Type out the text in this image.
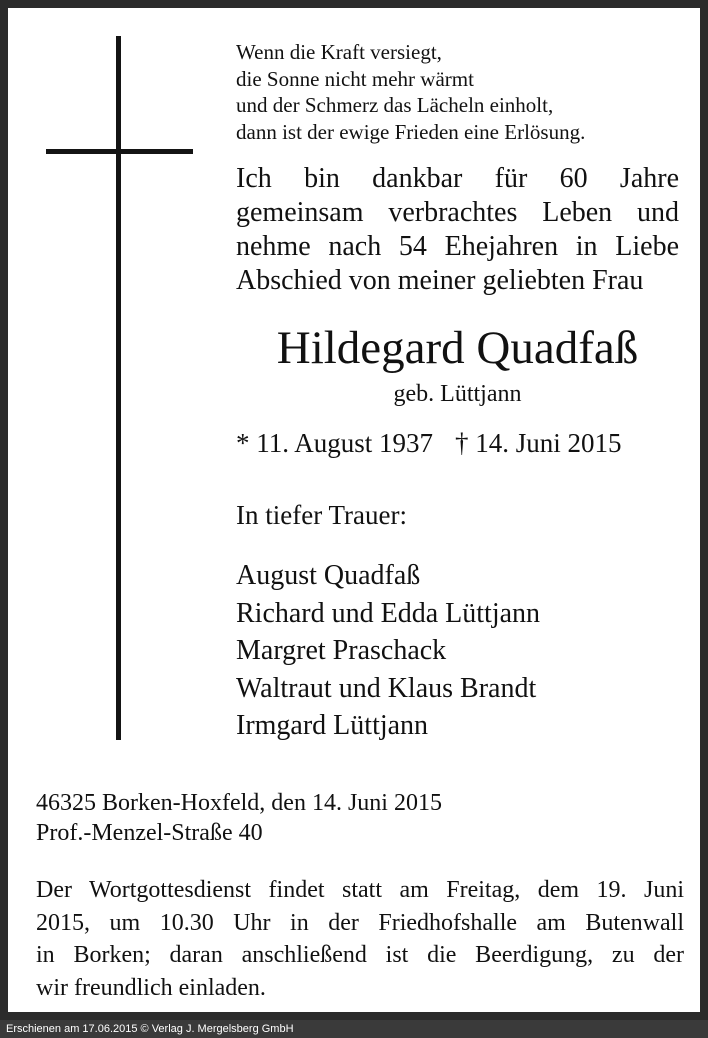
Wenn die Kraft versiegt,
die Sonne nicht mehr wärmt
und der Schmerz das Lächeln einholt,
dann ist der ewige Frieden eine Erlösung.
Ich bin dankbar für 60 Jahre
gemeinsam verbrachtes Leben und
nehme nach 54 Ehejahren in Liebe
Abschied von meiner geliebten Frau
Hildegard Quadfaß
geb. Lüttjann
* 11. August 1937 † 14. Juni 2015
In tiefer Trauer:
August Quadfaß
Richard und Edda Lüttjann
Margret Praschack
Waltraut und Klaus Brandt
Irmgard Lüttjann
46325 Borken-Hoxfeld, den 14. Juni 2015
Prof.-Menzel-Straße 40
Der Wortgottesdienst findet statt am Freitag, dem 19. Juni
2015, um 10.30 Uhr in der Friedhofshalle am Butenwall
in Borken; daran anschließend ist die Beerdigung, zu der
wir freundlich einladen.
Erschienen am 17.06.2015 © Verlag J. Mergelsberg GmbH
